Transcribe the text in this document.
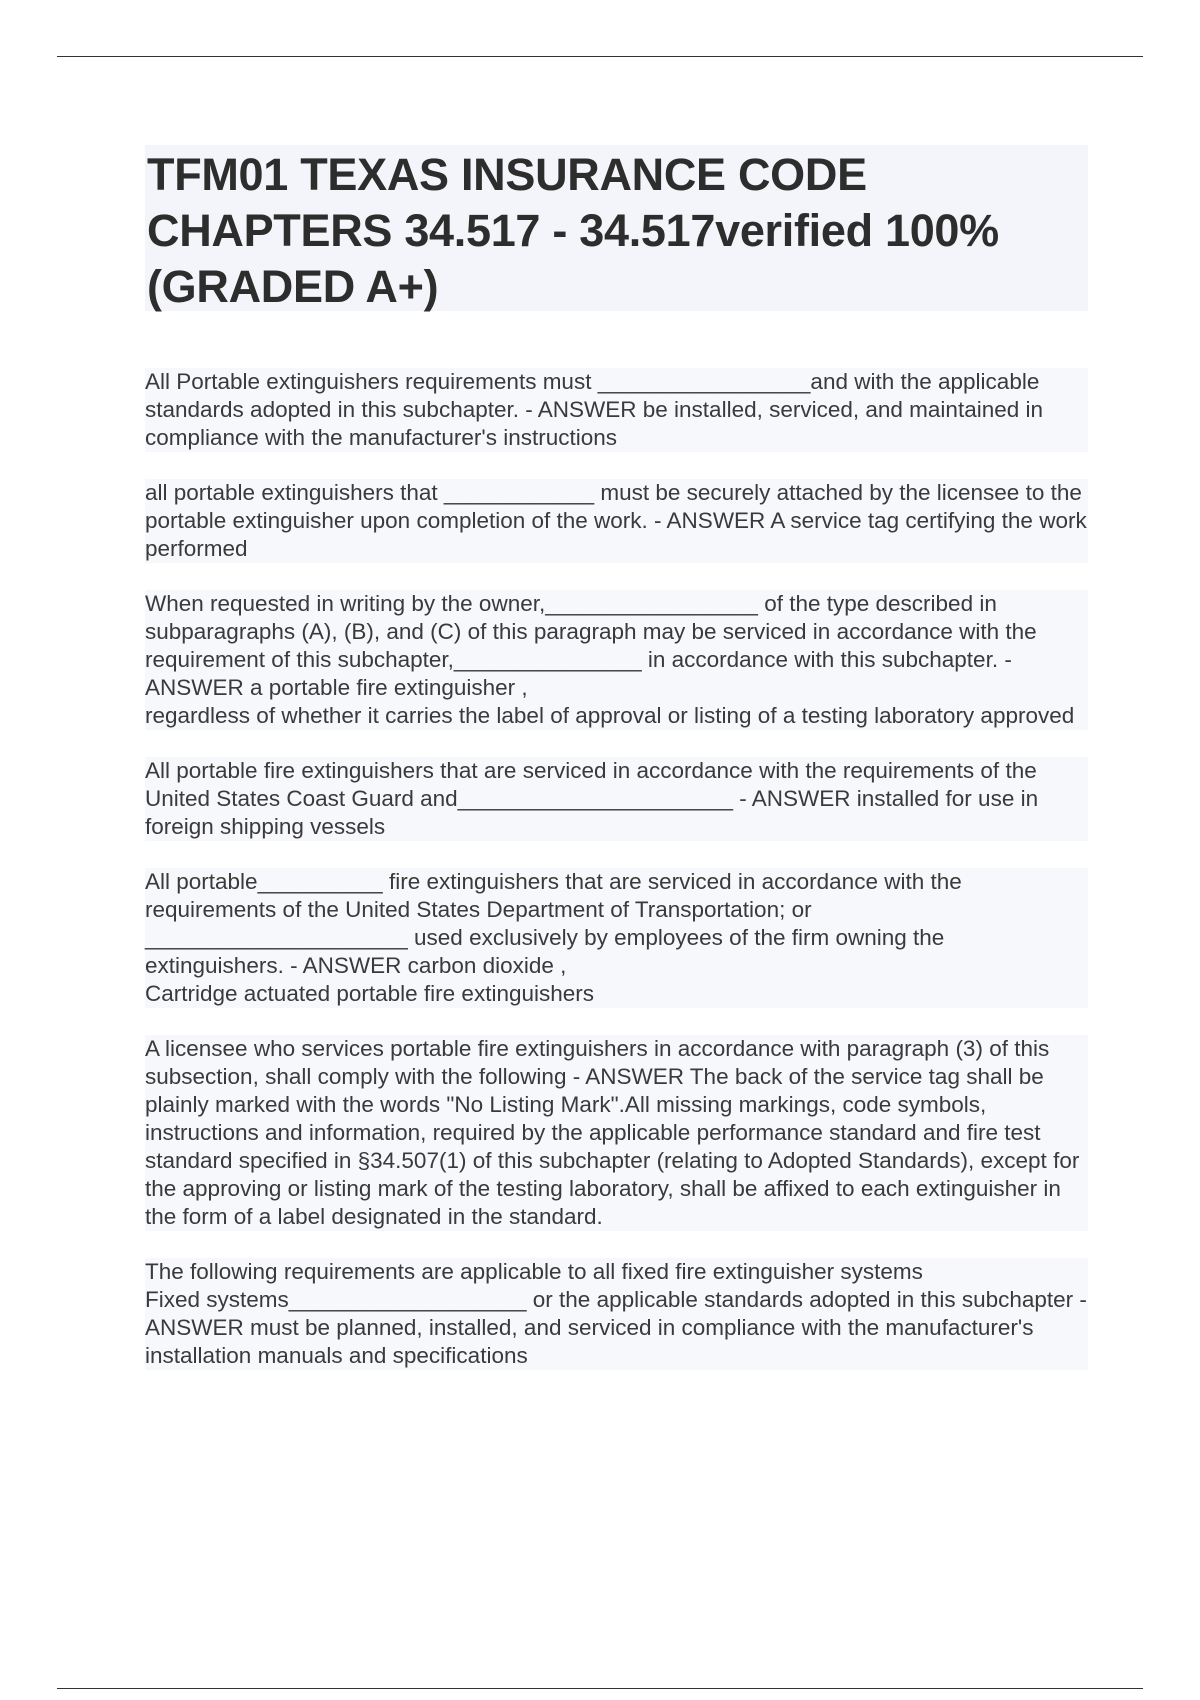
TFM01 TEXAS INSURANCE CODE CHAPTERS 34.517 - 34.517verified 100% (GRADED A+)

All Portable extinguishers requirements must _________________and with the applicable standards adopted in this subchapter. - ANSWER be installed, serviced, and maintained in compliance with the manufacturer's instructions

all portable extinguishers that ____________ must be securely attached by the licensee to the portable extinguisher upon completion of the work. - ANSWER A service tag certifying the work performed

When requested in writing by the owner,_________________ of the type described in subparagraphs (A), (B), and (C) of this paragraph may be serviced in accordance with the requirement of this subchapter,_______________ in accordance with this subchapter. - ANSWER a portable fire extinguisher ,
regardless of whether it carries the label of approval or listing of a testing laboratory approved

All portable fire extinguishers that are serviced in accordance with the requirements of the United States Coast Guard and______________________ - ANSWER installed for use in foreign shipping vessels

All portable__________ fire extinguishers that are serviced in accordance with the requirements of the United States Department of Transportation; or
_____________________ used exclusively by employees of the firm owning the extinguishers. - ANSWER carbon dioxide ,
Cartridge actuated portable fire extinguishers

A licensee who services portable fire extinguishers in accordance with paragraph (3) of this subsection, shall comply with the following - ANSWER The back of the service tag shall be plainly marked with the words "No Listing Mark".All missing markings, code symbols, instructions and information, required by the applicable performance standard and fire test standard specified in §34.507(1) of this subchapter (relating to Adopted Standards), except for the approving or listing mark of the testing laboratory, shall be affixed to each extinguisher in the form of a label designated in the standard.

The following requirements are applicable to all fixed fire extinguisher systems
Fixed systems___________________ or the applicable standards adopted in this subchapter - ANSWER must be planned, installed, and serviced in compliance with the manufacturer's installation manuals and specifications
